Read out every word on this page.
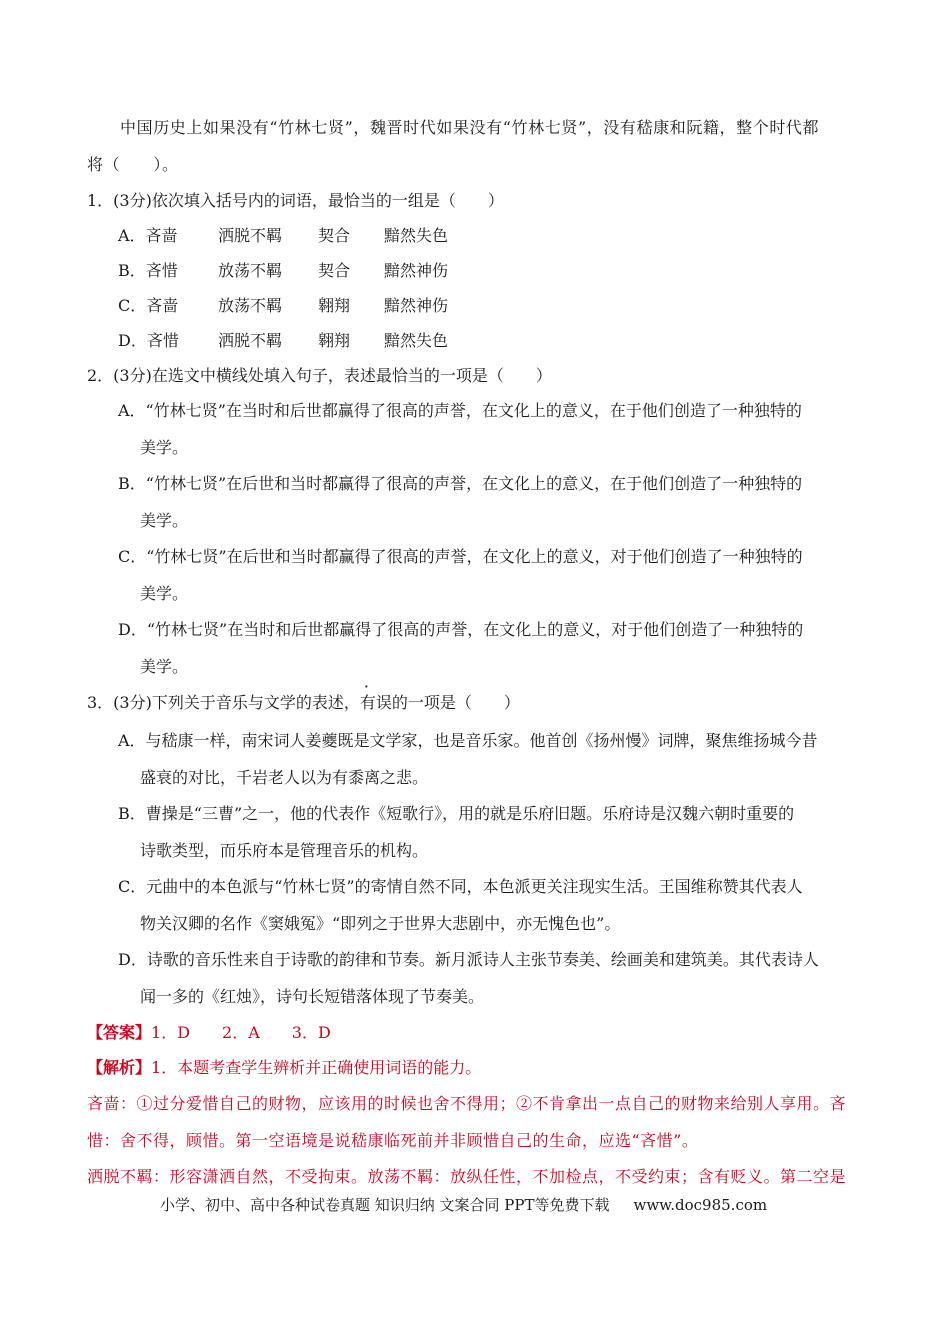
中国历史上如果没有“竹林七贤”，魏晋时代如果没有“竹林七贤”，没有嵇康和阮籍，整个时代都
将（　　）。
1．(3分)依次填入括号内的词语，最恰当的一组是（　　）
A．吝啬	洒脱不羁 契合 黯然失色
B．吝惜	放荡不羁 契合 黯然神伤
C．吝啬 放荡不羁 翱翔 黯然神伤
D．吝惜 洒脱不羁 翱翔 黯然失色
2．(3分)在选文中横线处填入句子，表述最恰当的一项是（　　）
A．“竹林七贤”在当时和后世都赢得了很高的声誉，在文化上的意义，在于他们创造了一种独特的
美学。
B．“竹林七贤”在后世和当时都赢得了很高的声誉，在文化上的意义，在于他们创造了一种独特的
美学。
C．“竹林七贤”在后世和当时都赢得了很高的声誉，在文化上的意义，对于他们创造了一种独特的
美学。
D．“竹林七贤”在当时和后世都赢得了很高的声誉，在文化上的意义，对于他们创造了一种独特的
美学。
3．(3分)下列关于音乐与文学的表述，有误的一项是（　　）
A．与嵇康一样，南宋词人姜夔既是文学家，也是音乐家。他首创《扬州慢》词牌，聚焦维扬城今昔
盛衰的对比，千岩老人以为有黍离之悲。
B．曹操是“三曹”之一，他的代表作《短歌行》，用的就是乐府旧题。乐府诗是汉魏六朝时重要的
诗歌类型，而乐府本是管理音乐的机构。
C．元曲中的本色派与“竹林七贤”的寄情自然不同，本色派更关注现实生活。王国维称赞其代表人
物关汉卿的名作《窦娥冤》“即列之于世界大悲剧中，亦无愧色也”。
D．诗歌的音乐性来自于诗歌的韵律和节奏。新月派诗人主张节奏美、绘画美和建筑美。其代表诗人
闻一多的《红烛》，诗句长短错落体现了节奏美。
【答案】1．D　　2．A　　3．D
【解析】1．本题考查学生辨析并正确使用词语的能力。
吝啬：①过分爱惜自己的财物，应该用的时候也舍不得用；②不肯拿出一点自己的财物来给别人享用。吝
惜：舍不得，顾惜。第一空语境是说嵇康临死前并非顾惜自己的生命，应选“吝惜”。
洒脱不羁：形容潇洒自然，不受拘束。放荡不羁：放纵任性，不加检点，不受约束；含有贬义。第二空是
小学、初中、高中各种试卷真题 知识归纳 文案合同 PPT等免费下载 www.doc985.com
